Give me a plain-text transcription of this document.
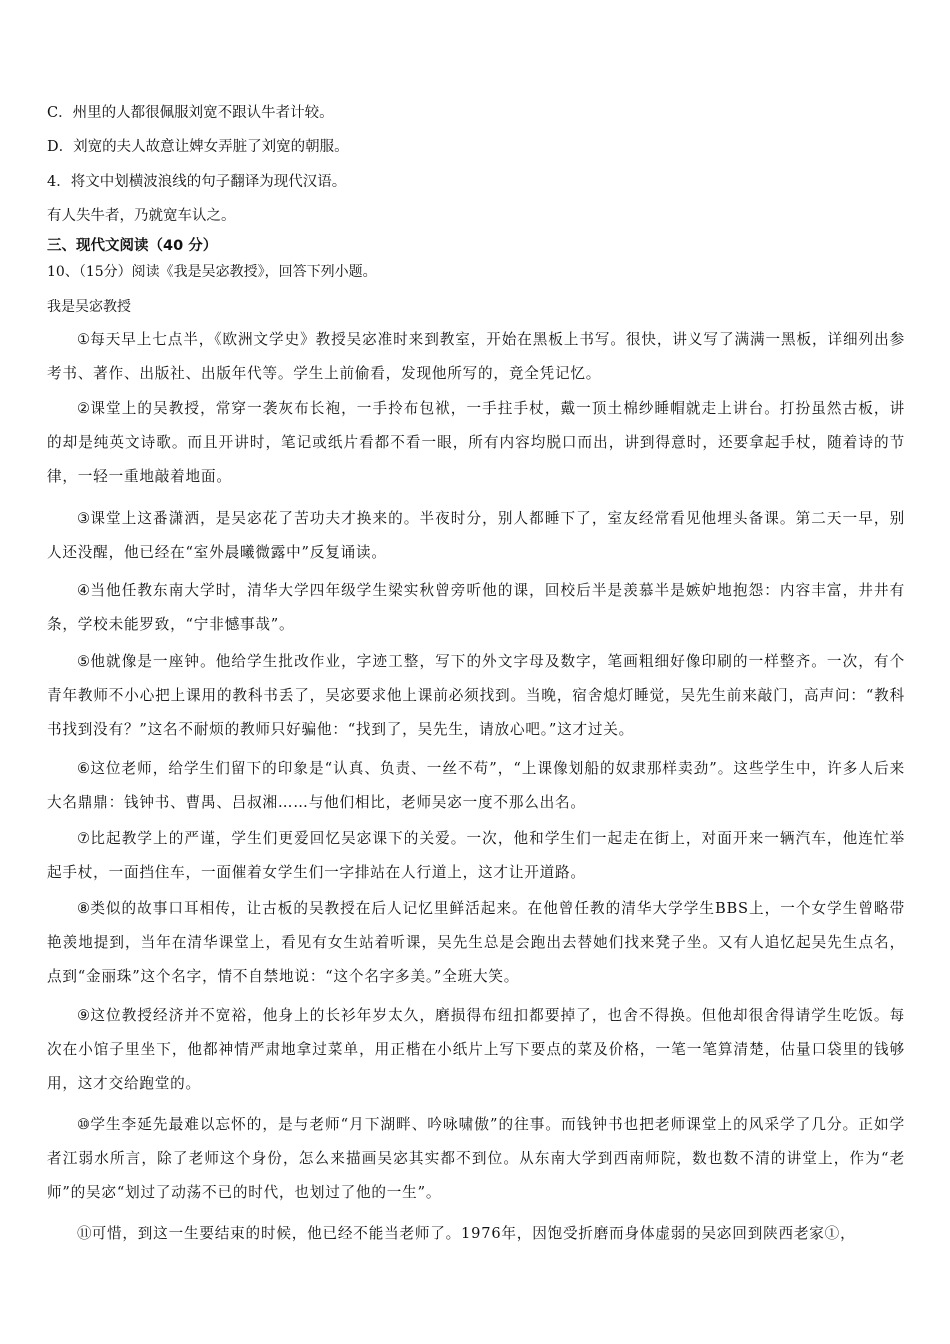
C．州里的人都很佩服刘宽不跟认牛者计较。
D．刘宽的夫人故意让婢女弄脏了刘宽的朝服。
4．将文中划横波浪线的句子翻译为现代汉语。
有人失牛者，乃就宽车认之。
三、现代文阅读（40 分）
10、（15分）阅读《我是吴宓教授》，回答下列小题。
我是吴宓教授
①每天早上七点半，《欧洲文学史》教授吴宓准时来到教室，开始在黑板上书写。很快，讲义写了满满一黑板，详细列出参考书、著作、出版社、出版年代等。学生上前偷看，发现他所写的，竟全凭记忆。
②课堂上的吴教授，常穿一袭灰布长袍，一手拎布包袱，一手拄手杖，戴一顶土棉纱睡帽就走上讲台。打扮虽然古板，讲的却是纯英文诗歌。而且开讲时，笔记或纸片看都不看一眼，所有内容均脱口而出，讲到得意时，还要拿起手杖，随着诗的节律，一轻一重地敲着地面。
③课堂上这番潇洒，是吴宓花了苦功夫才换来的。半夜时分，别人都睡下了，室友经常看见他埋头备课。第二天一早，别人还没醒，他已经在“室外晨曦微露中”反复诵读。
④当他任教东南大学时，清华大学四年级学生梁实秋曾旁听他的课，回校后半是羡慕半是嫉妒地抱怨：内容丰富，井井有条，学校未能罗致，“宁非憾事哉”。
⑤他就像是一座钟。他给学生批改作业，字迹工整，写下的外文字母及数字，笔画粗细好像印刷的一样整齐。一次，有个青年教师不小心把上课用的教科书丢了，吴宓要求他上课前必须找到。当晚，宿舍熄灯睡觉，吴先生前来敲门，高声问：“教科书找到没有？”这名不耐烦的教师只好骗他：“找到了，吴先生，请放心吧。”这才过关。
⑥这位老师，给学生们留下的印象是“认真、负责、一丝不苟”，“上课像划船的奴隶那样卖劲”。这些学生中，许多人后来大名鼎鼎：钱钟书、曹禺、吕叔湘……与他们相比，老师吴宓一度不那么出名。
⑦比起教学上的严谨，学生们更爱回忆吴宓课下的关爱。一次，他和学生们一起走在街上，对面开来一辆汽车，他连忙举起手杖，一面挡住车，一面催着女学生们一字排站在人行道上，这才让开道路。
⑧类似的故事口耳相传，让古板的吴教授在后人记忆里鲜活起来。在他曾任教的清华大学学生BBS上，一个女学生曾略带艳羡地提到，当年在清华课堂上，看见有女生站着听课，吴先生总是会跑出去替她们找来凳子坐。又有人追忆起吴先生点名，点到“金丽珠”这个名字，情不自禁地说：“这个名字多美。”全班大笑。
⑨这位教授经济并不宽裕，他身上的长衫年岁太久，磨损得布纽扣都要掉了，也舍不得换。但他却很舍得请学生吃饭。每次在小馆子里坐下，他都神情严肃地拿过菜单，用正楷在小纸片上写下要点的菜及价格，一笔一笔算清楚，估量口袋里的钱够用，这才交给跑堂的。
⑩学生李延先最难以忘怀的，是与老师“月下湖畔、吟咏啸傲”的往事。而钱钟书也把老师课堂上的风采学了几分。正如学者江弱水所言，除了老师这个身份，怎么来描画吴宓其实都不到位。从东南大学到西南师院，数也数不清的讲堂上，作为“老师”的吴宓“划过了动荡不已的时代，也划过了他的一生”。
⑪可惜，到这一生要结束的时候，他已经不能当老师了。1976年，因饱受折磨而身体虚弱的吴宓回到陕西老家①，
